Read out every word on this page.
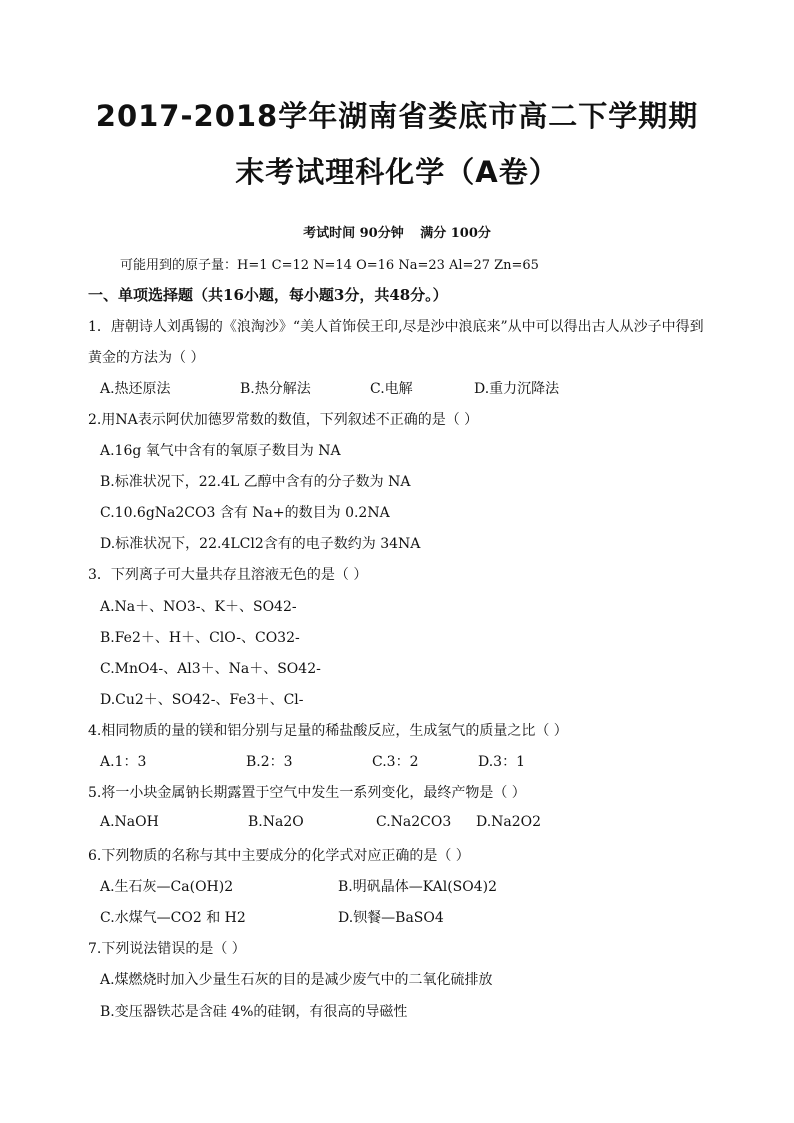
2017-2018学年湖南省娄底市高二下学期期
末考试理科化学（A卷）
考试时间 90分钟 满分 100分
可能用到的原子量：H=1 C=12 N=14 O=16 Na=23 Al=27 Zn=65
一、单项选择题（共16小题，每小题3分，共48分。）
1．唐朝诗人刘禹锡的《浪淘沙》“美人首饰侯王印,尽是沙中浪底来”从中可以得出古人从沙子中得到
黄金的方法为（ ）
A.热还原法	B.热分解法	C.电解	D.重力沉降法
2.用NA表示阿伏加德罗常数的数值，下列叙述不正确的是（ ）
A.16g 氧气中含有的氧原子数目为 NA
B.标准状况下，22.4L 乙醇中含有的分子数为 NA
C.10.6gNa2CO3 含有 Na+的数目为 0.2NA
D.标准状况下，22.4LCl2含有的电子数约为 34NA
3．下列离子可大量共存且溶液无色的是（ ）
A.Na＋、NO3-、K＋、SO42-
B.Fe2＋、H＋、ClO-、CO32-
C.MnO4-、Al3＋、Na＋、SO42-
D.Cu2＋、SO42-、Fe3＋、Cl-
4.相同物质的量的镁和铝分别与足量的稀盐酸反应，生成氢气的质量之比（ ）
A.1：3	B.2：3	C.3：2	D.3：1
5.将一小块金属钠长期露置于空气中发生一系列变化，最终产物是（ ）
A.NaOH	B.Na2O	C.Na2CO3 D.Na2O2
6.下列物质的名称与其中主要成分的化学式对应正确的是（ ）
A.生石灰—Ca(OH)2	B.明矾晶体—KAl(SO4)2
C.水煤气—CO2 和 H2	D.钡餐—BaSO4
7.下列说法错误的是（ ）
A.煤燃烧时加入少量生石灰的目的是减少废气中的二氧化硫排放
B.变压器铁芯是含硅 4%的硅钢，有很高的导磁性
